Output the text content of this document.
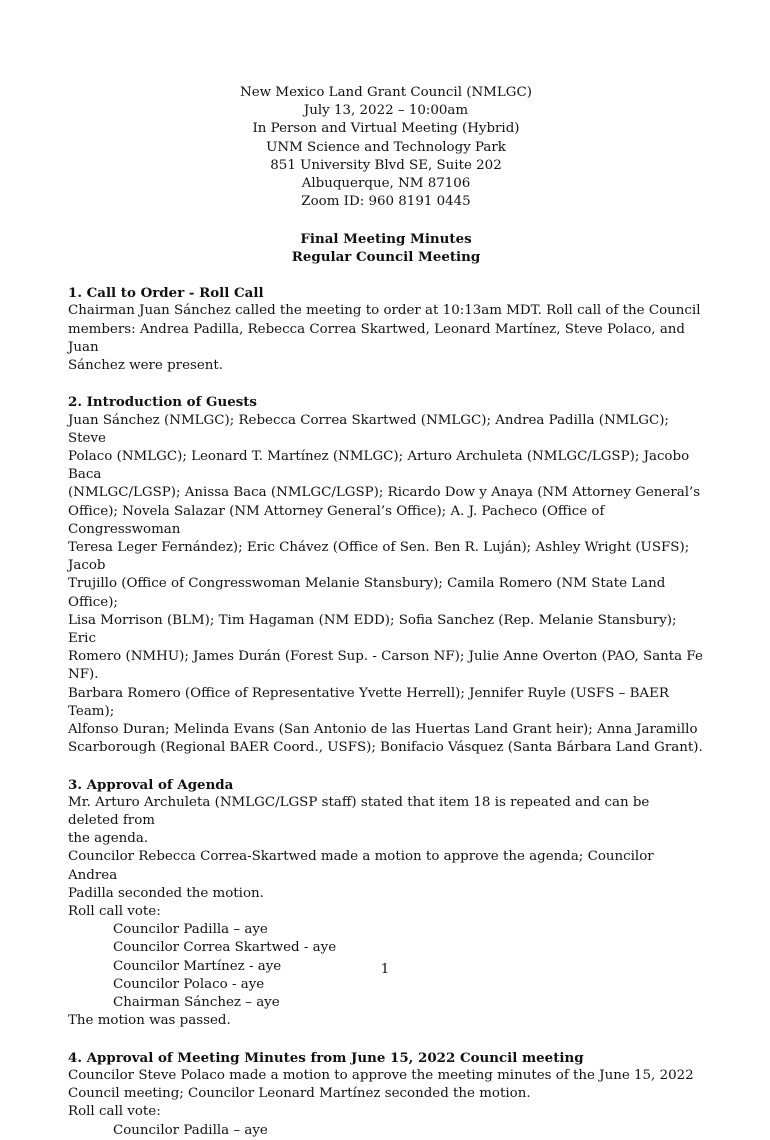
New Mexico Land Grant Council (NMLGC)
July 13, 2022 – 10:00am
In Person and Virtual Meeting (Hybrid)
UNM Science and Technology Park
851 University Blvd SE, Suite 202
Albuquerque, NM 87106
Zoom ID: 960 8191 0445
Final Meeting Minutes
Regular Council Meeting
1. Call to Order - Roll Call
Chairman Juan Sánchez called the meeting to order at 10:13am MDT. Roll call of the Council
members: Andrea Padilla, Rebecca Correa Skartwed, Leonard Martínez, Steve Polaco, and Juan
Sánchez were present.
2. Introduction of Guests
Juan Sánchez (NMLGC); Rebecca Correa Skartwed (NMLGC); Andrea Padilla (NMLGC); Steve
Polaco (NMLGC); Leonard T. Martínez (NMLGC); Arturo Archuleta (NMLGC/LGSP); Jacobo Baca
(NMLGC/LGSP); Anissa Baca (NMLGC/LGSP); Ricardo Dow y Anaya (NM Attorney General’s
Office); Novela Salazar (NM Attorney General’s Office); A. J. Pacheco (Office of Congresswoman
Teresa Leger Fernández); Eric Chávez (Office of Sen. Ben R. Luján); Ashley Wright (USFS); Jacob
Trujillo (Office of Congresswoman Melanie Stansbury); Camila Romero (NM State Land Office);
Lisa Morrison (BLM); Tim Hagaman (NM EDD); Sofia Sanchez (Rep. Melanie Stansbury); Eric
Romero (NMHU); James Durán (Forest Sup. - Carson NF); Julie Anne Overton (PAO, Santa Fe NF).
Barbara Romero (Office of Representative Yvette Herrell); Jennifer Ruyle (USFS – BAER Team);
Alfonso Duran; Melinda Evans (San Antonio de las Huertas Land Grant heir); Anna Jaramillo
Scarborough (Regional BAER Coord., USFS); Bonifacio Vásquez (Santa Bárbara Land Grant).
3. Approval of Agenda
Mr. Arturo Archuleta (NMLGC/LGSP staff) stated that item 18 is repeated and can be deleted from
the agenda.
Councilor Rebecca Correa-Skartwed made a motion to approve the agenda; Councilor Andrea
Padilla seconded the motion.
Roll call vote:
Councilor Padilla – aye
Councilor Correa Skartwed - aye
Councilor Martínez - aye
Councilor Polaco - aye
Chairman Sánchez – aye
The motion was passed.
4. Approval of Meeting Minutes from June 15, 2022 Council meeting
Councilor Steve Polaco made a motion to approve the meeting minutes of the June 15, 2022
Council meeting; Councilor Leonard Martínez seconded the motion.
Roll call vote:
Councilor Padilla – aye
1
